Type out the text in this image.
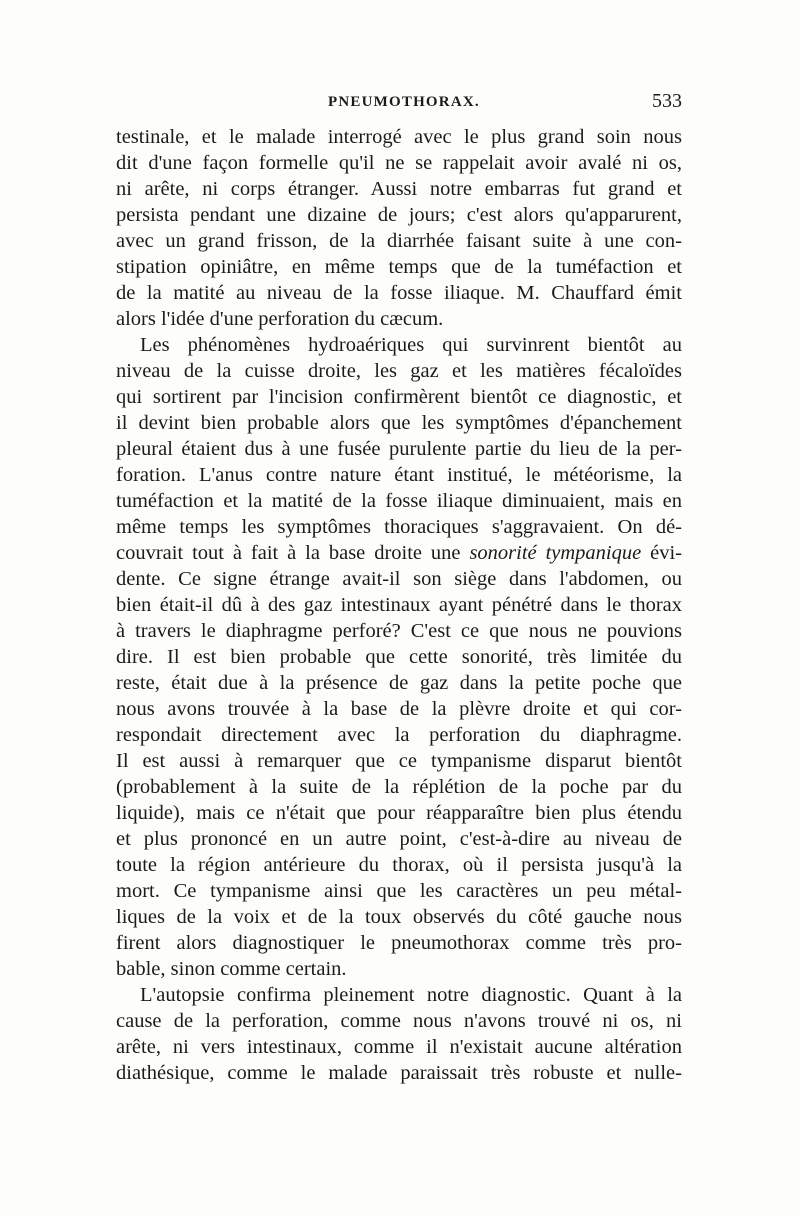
PNEUMOTHORAX.	533
testinale, et le malade interrogé avec le plus grand soin nous
dit d'une façon formelle qu'il ne se rappelait avoir avalé ni os,
ni arête, ni corps étranger. Aussi notre embarras fut grand et
persista pendant une dizaine de jours; c'est alors qu'apparurent,
avec un grand frisson, de la diarrhée faisant suite à une con-
stipation opiniâtre, en même temps que de la tuméfaction et
de la matité au niveau de la fosse iliaque. M. Chauffard émit
alors l'idée d'une perforation du cæcum.
Les phénomènes hydroaériques qui survinrent bientôt au
niveau de la cuisse droite, les gaz et les matières fécaloïdes
qui sortirent par l'incision confirmèrent bientôt ce diagnostic, et
il devint bien probable alors que les symptômes d'épanchement
pleural étaient dus à une fusée purulente partie du lieu de la per-
foration. L'anus contre nature étant institué, le météorisme, la
tuméfaction et la matité de la fosse iliaque diminuaient, mais en
même temps les symptômes thoraciques s'aggravaient. On dé-
couvrait tout à fait à la base droite une sonorité tympanique évi-
dente. Ce signe étrange avait-il son siège dans l'abdomen, ou
bien était-il dû à des gaz intestinaux ayant pénétré dans le thorax
à travers le diaphragme perforé? C'est ce que nous ne pouvions
dire. Il est bien probable que cette sonorité, très limitée du
reste, était due à la présence de gaz dans la petite poche que
nous avons trouvée à la base de la plèvre droite et qui cor-
respondait directement avec la perforation du diaphragme.
Il est aussi à remarquer que ce tympanisme disparut bientôt
(probablement à la suite de la réplétion de la poche par du
liquide), mais ce n'était que pour réapparaître bien plus étendu
et plus prononcé en un autre point, c'est-à-dire au niveau de
toute la région antérieure du thorax, où il persista jusqu'à la
mort. Ce tympanisme ainsi que les caractères un peu métal-
liques de la voix et de la toux observés du côté gauche nous
firent alors diagnostiquer le pneumothorax comme très pro-
bable, sinon comme certain.
L'autopsie confirma pleinement notre diagnostic. Quant à la
cause de la perforation, comme nous n'avons trouvé ni os, ni
arête, ni vers intestinaux, comme il n'existait aucune altération
diathésique, comme le malade paraissait très robuste et nulle-
